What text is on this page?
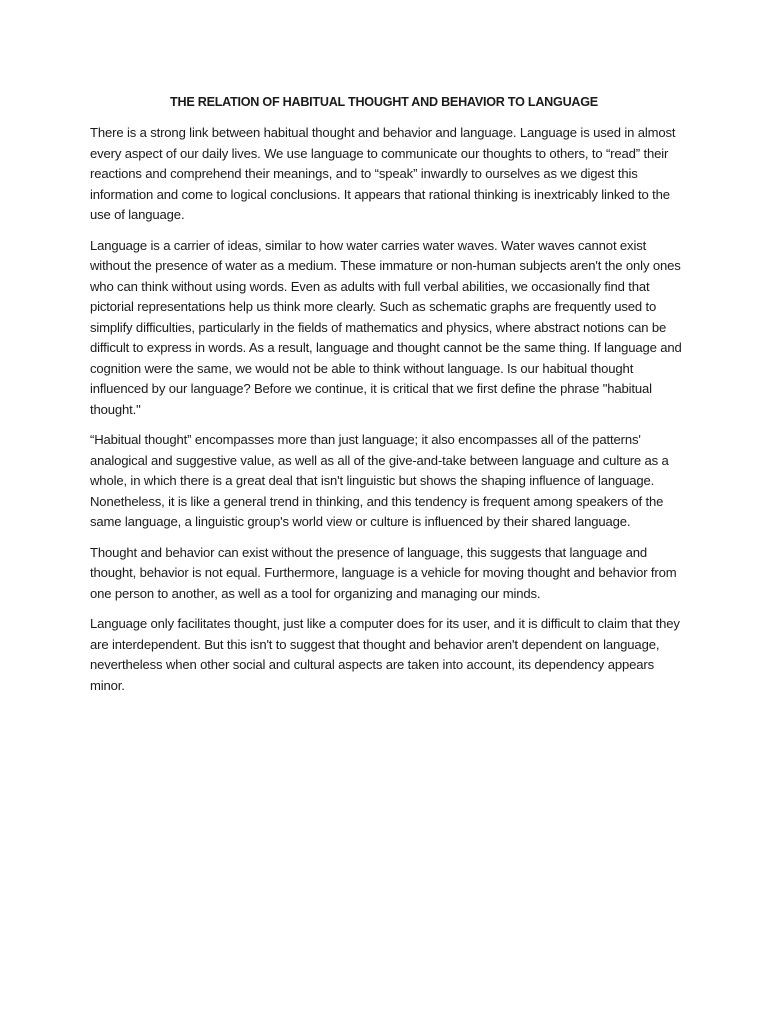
THE RELATION OF HABITUAL THOUGHT AND BEHAVIOR TO LANGUAGE

There is a strong link between habitual thought and behavior and language. Language is used in almost every aspect of our daily lives. We use language to communicate our thoughts to others, to “read” their reactions and comprehend their meanings, and to “speak” inwardly to ourselves as we digest this information and come to logical conclusions. It appears that rational thinking is inextricably linked to the use of language.

Language is a carrier of ideas, similar to how water carries water waves. Water waves cannot exist without the presence of water as a medium. These immature or non-human subjects aren't the only ones who can think without using words. Even as adults with full verbal abilities, we occasionally find that pictorial representations help us think more clearly. Such as schematic graphs are frequently used to simplify difficulties, particularly in the fields of mathematics and physics, where abstract notions can be difficult to express in words. As a result, language and thought cannot be the same thing. If language and cognition were the same, we would not be able to think without language. Is our habitual thought influenced by our language? Before we continue, it is critical that we first define the phrase "habitual thought."

“Habitual thought” encompasses more than just language; it also encompasses all of the patterns' analogical and suggestive value, as well as all of the give-and-take between language and culture as a whole, in which there is a great deal that isn't linguistic but shows the shaping influence of language. Nonetheless, it is like a general trend in thinking, and this tendency is frequent among speakers of the same language, a linguistic group's world view or culture is influenced by their shared language.

Thought and behavior can exist without the presence of language, this suggests that language and thought, behavior is not equal. Furthermore, language is a vehicle for moving thought and behavior from one person to another, as well as a tool for organizing and managing our minds.

Language only facilitates thought, just like a computer does for its user, and it is difficult to claim that they are interdependent. But this isn't to suggest that thought and behavior aren't dependent on language, nevertheless when other social and cultural aspects are taken into account, its dependency appears minor.
